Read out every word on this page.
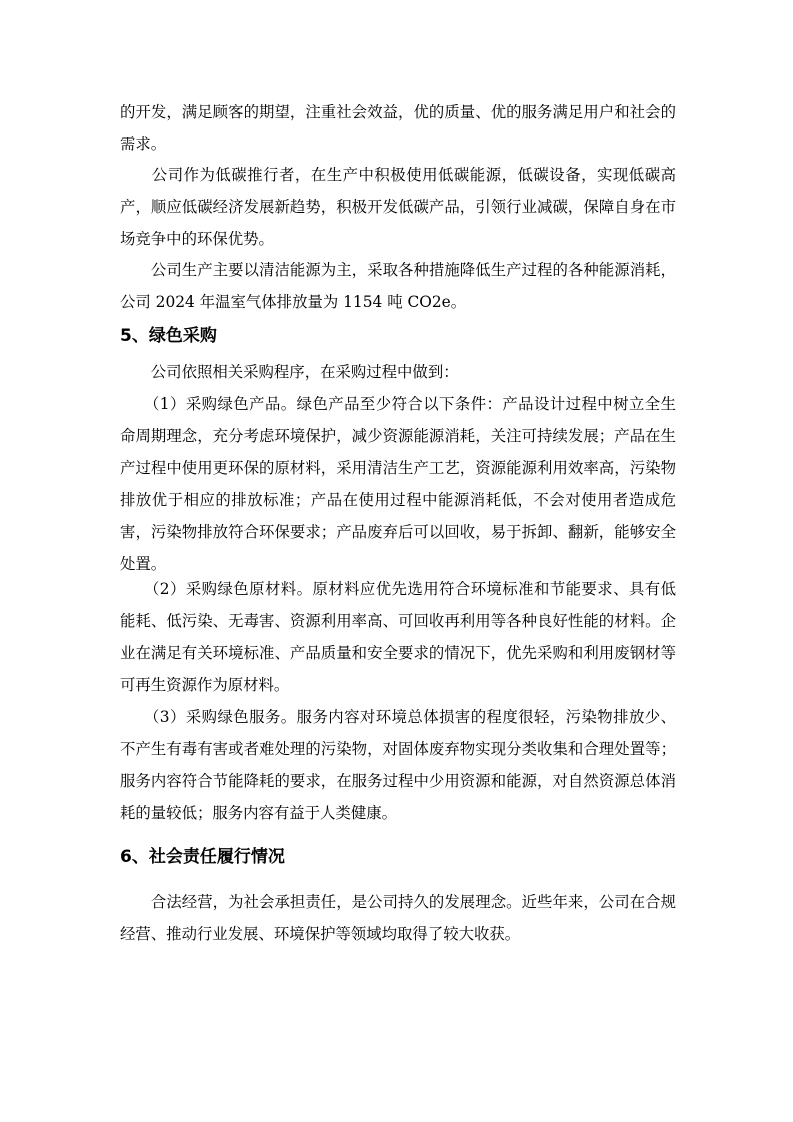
的开发，满足顾客的期望，注重社会效益，优的质量、优的服务满足用户和社会的需求。

　　公司作为低碳推行者，在生产中积极使用低碳能源，低碳设备，实现低碳高产，顺应低碳经济发展新趋势，积极开发低碳产品，引领行业减碳，保障自身在市场竞争中的环保优势。

　　公司生产主要以清洁能源为主，采取各种措施降低生产过程的各种能源消耗，公司 2024 年温室气体排放量为 1154 吨 CO2e。

5、绿色采购

　　公司依照相关采购程序，在采购过程中做到：

　　（1）采购绿色产品。绿色产品至少符合以下条件：产品设计过程中树立全生命周期理念，充分考虑环境保护，减少资源能源消耗，关注可持续发展；产品在生产过程中使用更环保的原材料，采用清洁生产工艺，资源能源利用效率高，污染物排放优于相应的排放标准；产品在使用过程中能源消耗低，不会对使用者造成危害，污染物排放符合环保要求；产品废弃后可以回收，易于拆卸、翻新，能够安全处置。

　　（2）采购绿色原材料。原材料应优先选用符合环境标准和节能要求、具有低能耗、低污染、无毒害、资源利用率高、可回收再利用等各种良好性能的材料。企业在满足有关环境标准、产品质量和安全要求的情况下，优先采购和利用废钢材等可再生资源作为原材料。

　　（3）采购绿色服务。服务内容对环境总体损害的程度很轻，污染物排放少、不产生有毒有害或者难处理的污染物，对固体废弃物实现分类收集和合理处置等；服务内容符合节能降耗的要求，在服务过程中少用资源和能源，对自然资源总体消耗的量较低；服务内容有益于人类健康。

6、社会责任履行情况

　　合法经营，为社会承担责任，是公司持久的发展理念。近些年来，公司在合规经营、推动行业发展、环境保护等领域均取得了较大收获。
